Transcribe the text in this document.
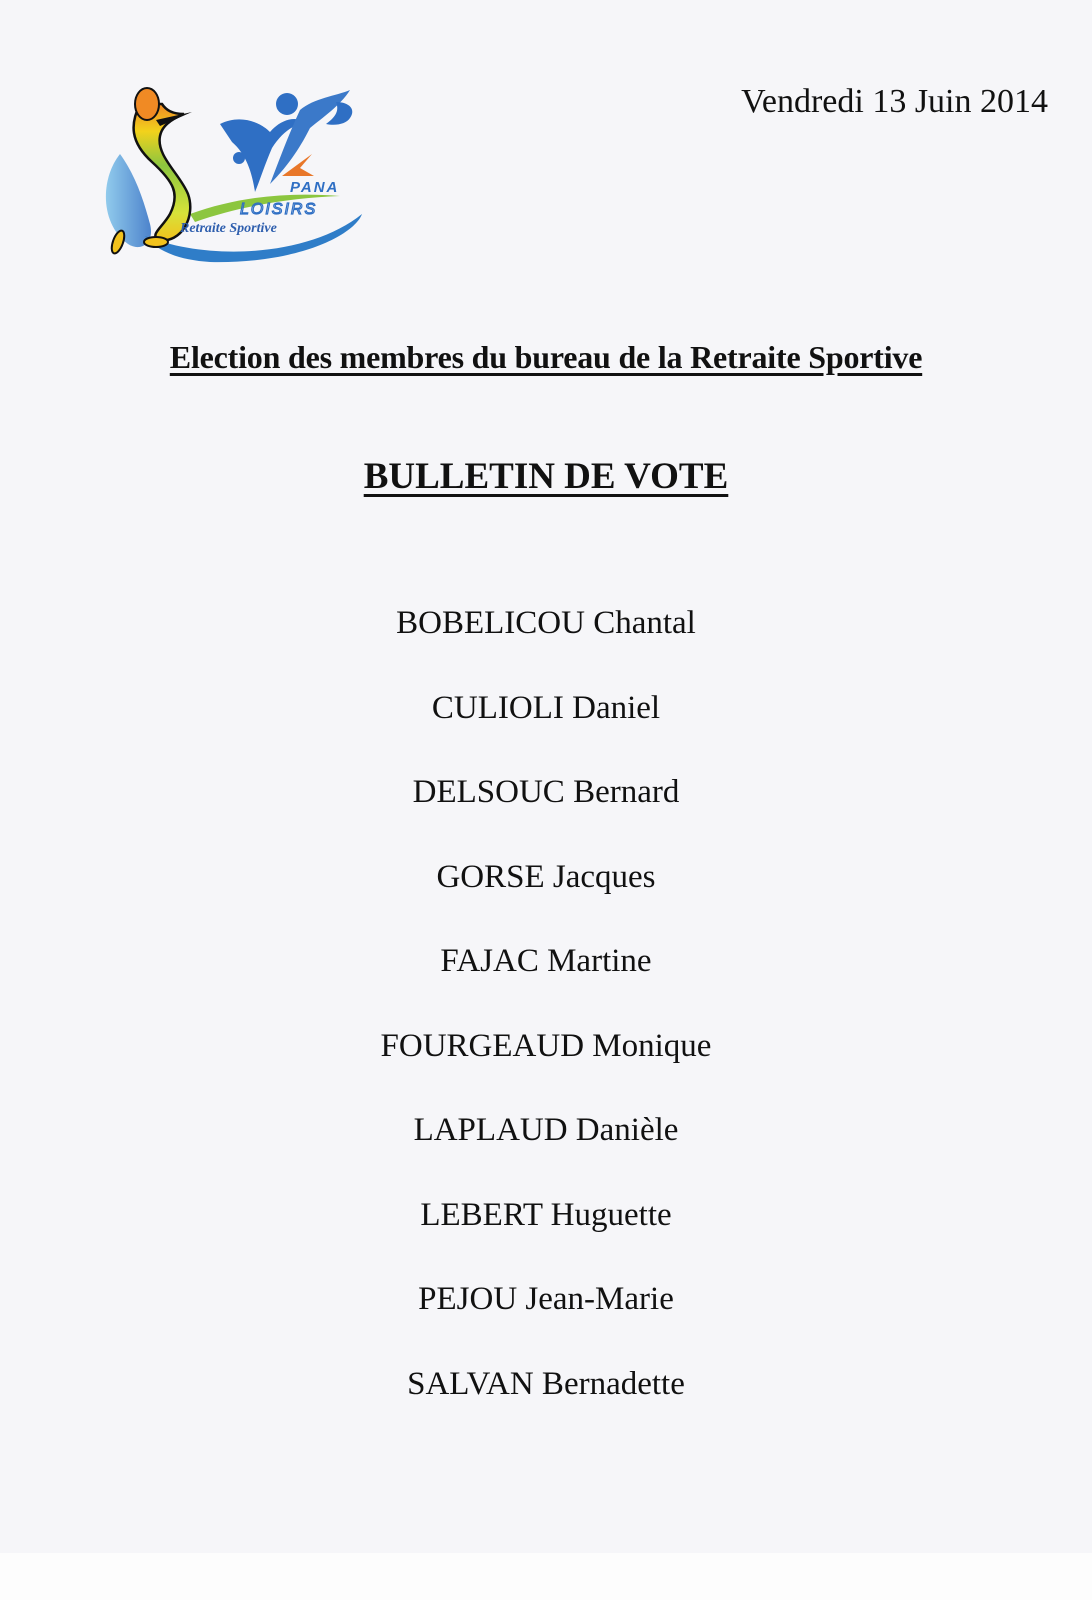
PANA
LOISIRS
Retraite Sportive
Vendredi 13 Juin 2014
Election des membres du bureau de la Retraite Sportive
BULLETIN DE VOTE
BOBELICOU Chantal
CULIOLI Daniel
DELSOUC Bernard
GORSE Jacques
FAJAC Martine
FOURGEAUD Monique
LAPLAUD Danièle
LEBERT Huguette
PEJOU Jean-Marie
SALVAN Bernadette
